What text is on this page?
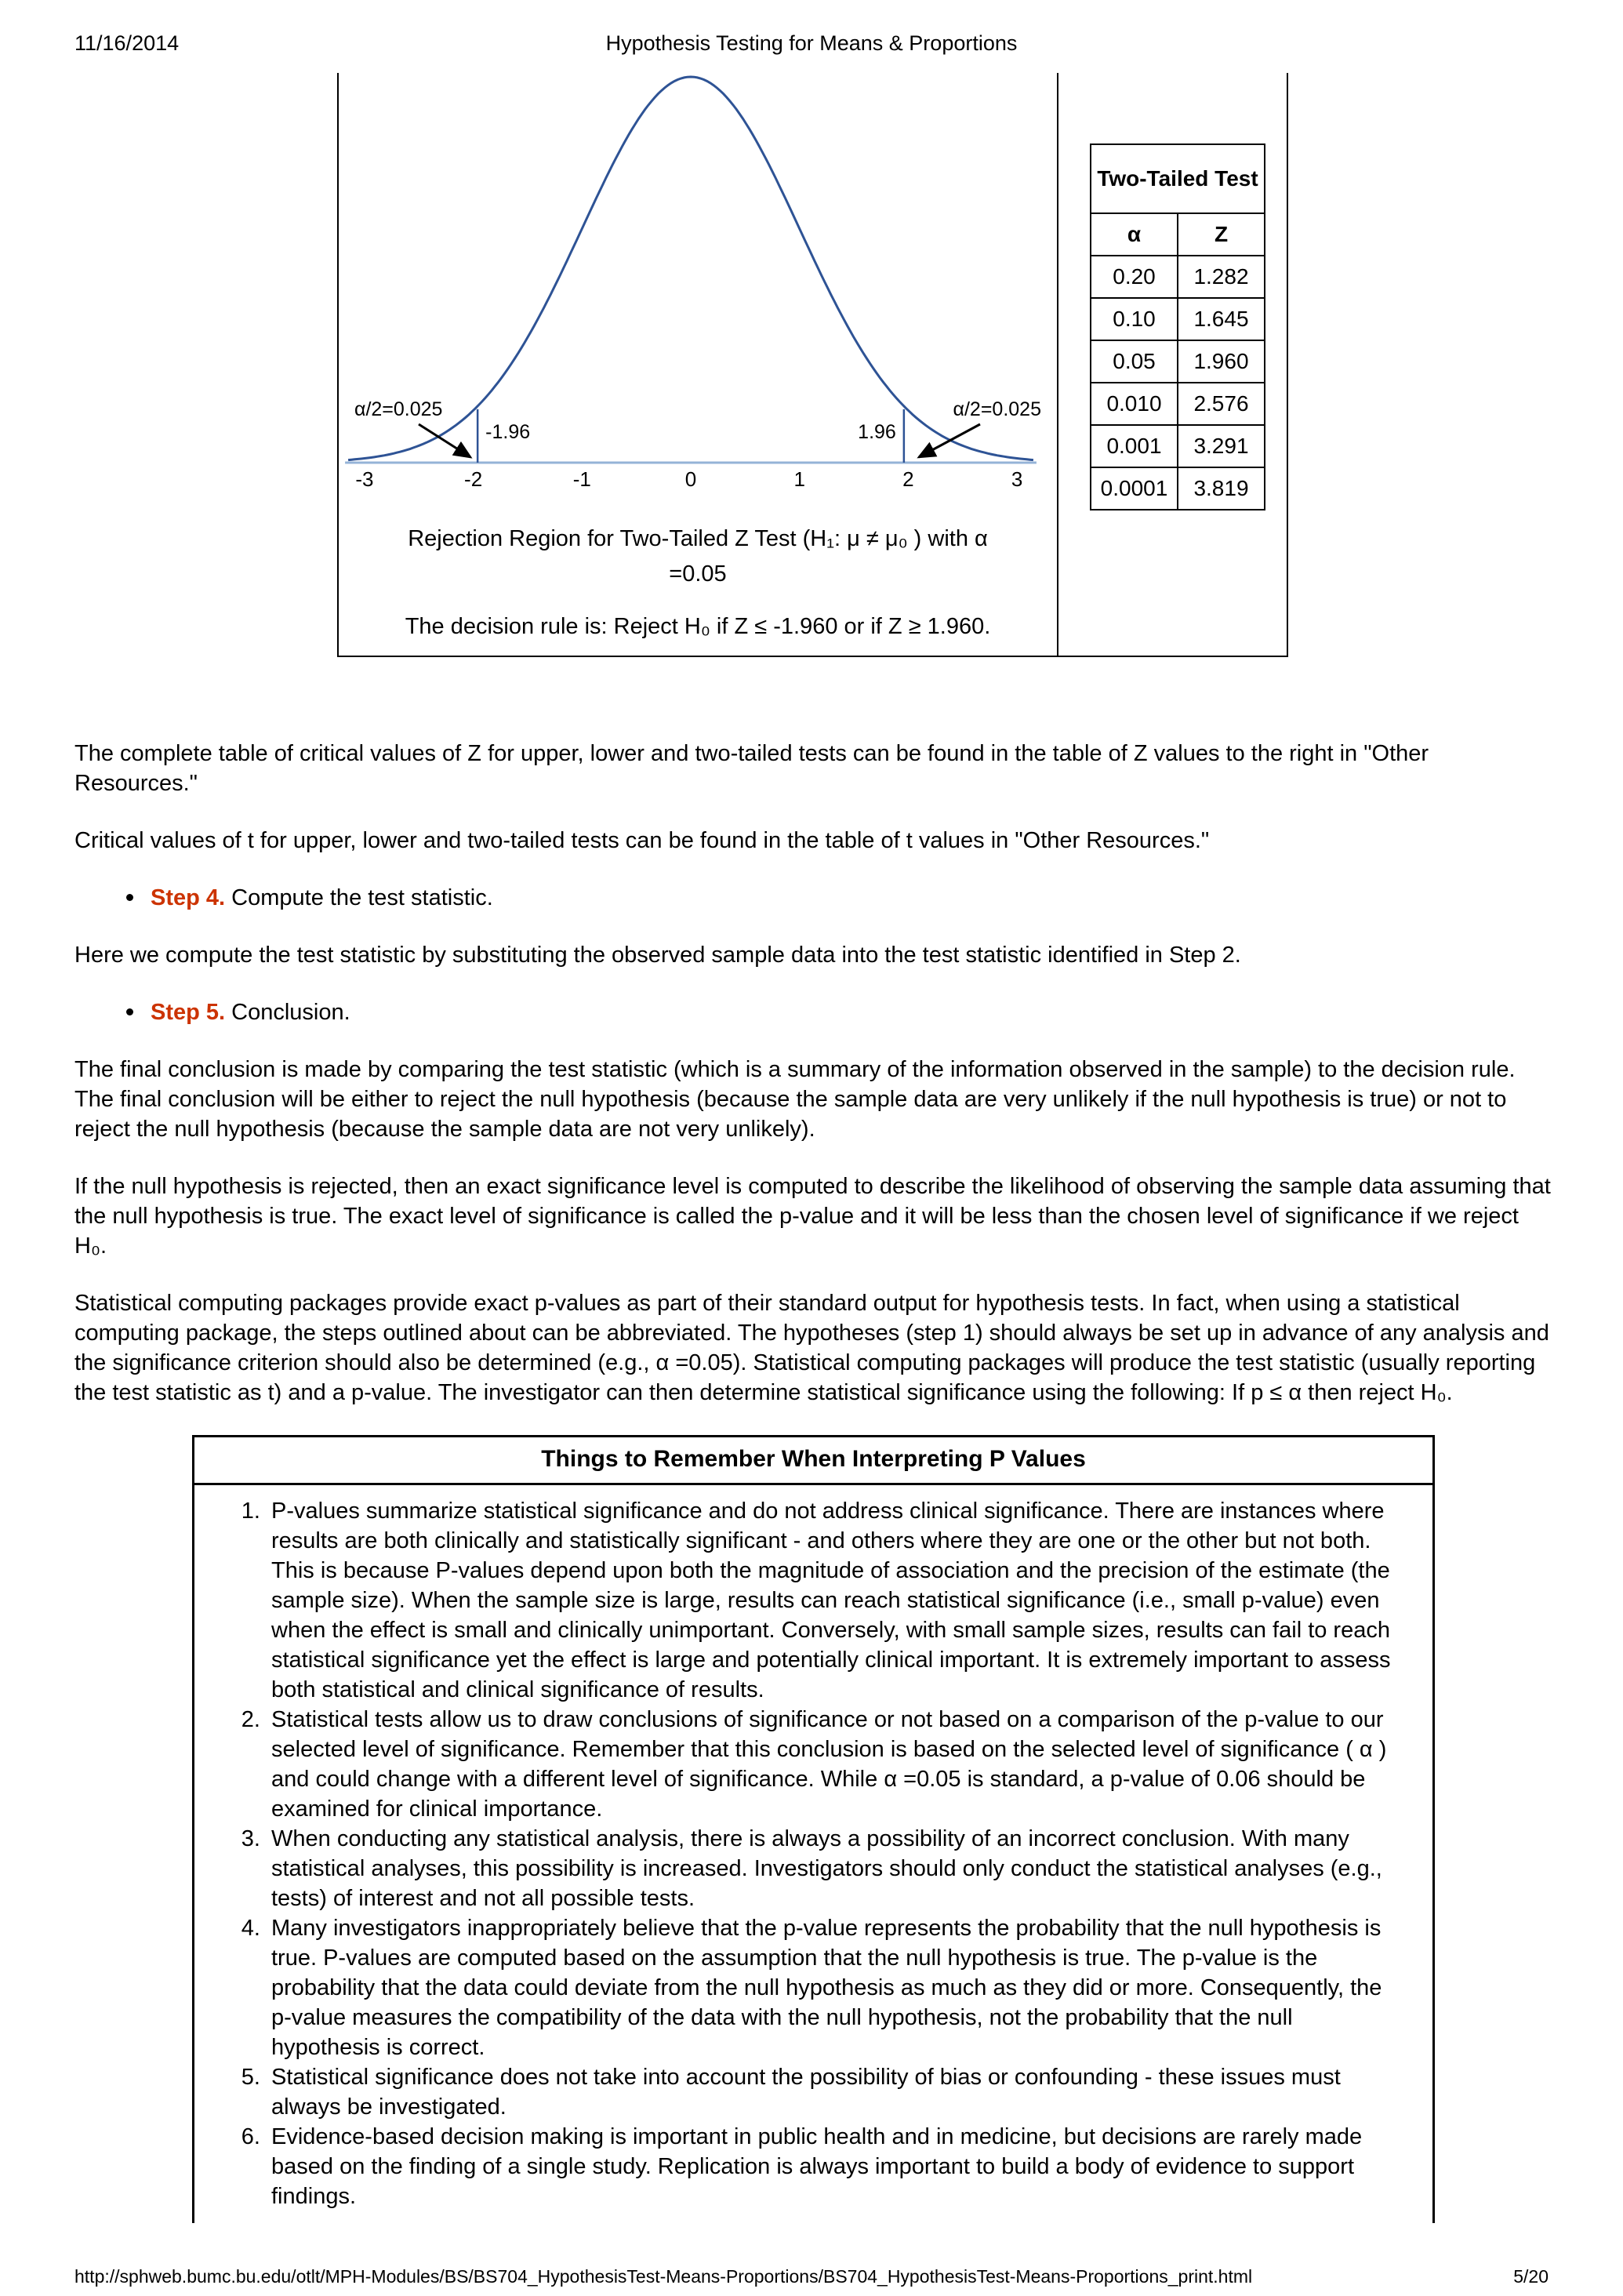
11/16/2014	Hypothesis Testing for Means & Proportions
-3	-2	-1	0	1	2	3
-1.96	1.96
α/2=0.025	α/2=0.025
Rejection Region for Two-Tailed Z Test (H₁: μ ≠ μ₀ ) with α
=0.05
The decision rule is: Reject H₀ if Z ≤ -1.960 or if Z ≥ 1.960.
Two-Tailed Test	
α	Z
0.20	1.282
0.10	1.645
0.05	1.960
0.010	2.576
0.001	3.291
0.0001	3.819

The complete table of critical values of Z for upper, lower and two-tailed tests can be found in the table of Z values to the right in "Other Resources."

Critical values of t for upper, lower and two-tailed tests can be found in the table of t values in "Other Resources."

Step 4. Compute the test statistic.

Here we compute the test statistic by substituting the observed sample data into the test statistic identified in Step 2.

Step 5. Conclusion.

The final conclusion is made by comparing the test statistic (which is a summary of the information observed in the sample) to the decision rule. The final conclusion will be either to reject the null hypothesis (because the sample data are very unlikely if the null hypothesis is true) or not to reject the null hypothesis (because the sample data are not very unlikely).

If the null hypothesis is rejected, then an exact significance level is computed to describe the likelihood of observing the sample data assuming that the null hypothesis is true. The exact level of significance is called the p-value and it will be less than the chosen level of significance if we reject H₀.

Statistical computing packages provide exact p-values as part of their standard output for hypothesis tests. In fact, when using a statistical computing package, the steps outlined about can be abbreviated. The hypotheses (step 1) should always be set up in advance of any analysis and the significance criterion should also be determined (e.g., α =0.05). Statistical computing packages will produce the test statistic (usually reporting the test statistic as t) and a p-value. The investigator can then determine statistical significance using the following: If p ≤ α then reject H₀.

Things to Remember When Interpreting P Values
1. P-values summarize statistical significance and do not address clinical significance. There are instances where results are both clinically and statistically significant - and others where they are one or the other but not both. This is because P-values depend upon both the magnitude of association and the precision of the estimate (the sample size). When the sample size is large, results can reach statistical significance (i.e., small p-value) even when the effect is small and clinically unimportant. Conversely, with small sample sizes, results can fail to reach statistical significance yet the effect is large and potentially clinical important. It is extremely important to assess both statistical and clinical significance of results.
2. Statistical tests allow us to draw conclusions of significance or not based on a comparison of the p-value to our selected level of significance. Remember that this conclusion is based on the selected level of significance ( α ) and could change with a different level of significance. While α =0.05 is standard, a p-value of 0.06 should be examined for clinical importance.
3. When conducting any statistical analysis, there is always a possibility of an incorrect conclusion. With many statistical analyses, this possibility is increased. Investigators should only conduct the statistical analyses (e.g., tests) of interest and not all possible tests.
4. Many investigators inappropriately believe that the p-value represents the probability that the null hypothesis is true. P-values are computed based on the assumption that the null hypothesis is true. The p-value is the probability that the data could deviate from the null hypothesis as much as they did or more. Consequently, the p-value measures the compatibility of the data with the null hypothesis, not the probability that the null hypothesis is correct.
5. Statistical significance does not take into account the possibility of bias or confounding - these issues must always be investigated.
6. Evidence-based decision making is important in public health and in medicine, but decisions are rarely made based on the finding of a single study. Replication is always important to build a body of evidence to support findings.
http://sphweb.bumc.bu.edu/otlt/MPH-Modules/BS/BS704_HypothesisTest-Means-Proportions/BS704_HypothesisTest-Means-Proportions_print.html	5/20
